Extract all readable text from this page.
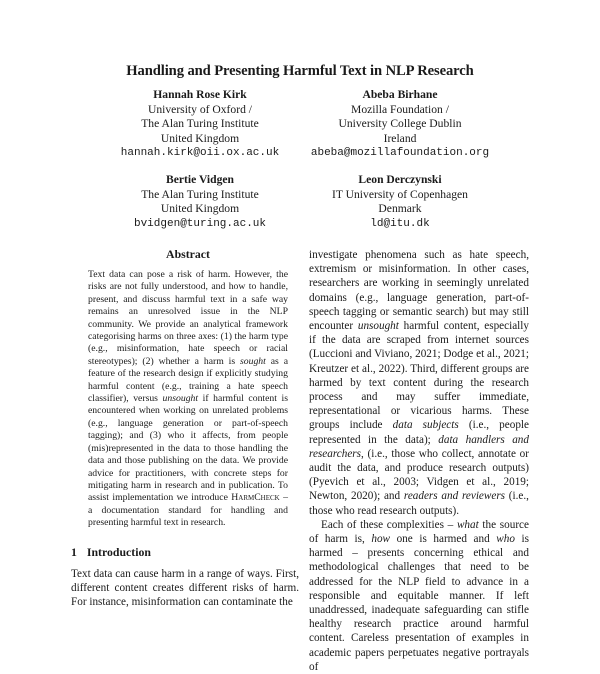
Handling and Presenting Harmful Text in NLP Research
Hannah Rose Kirk
University of Oxford /
The Alan Turing Institute
United Kingdom
hannah.kirk@oii.ox.ac.uk
Abeba Birhane
Mozilla Foundation /
University College Dublin
Ireland
abeba@mozillafoundation.org
Bertie Vidgen
The Alan Turing Institute
United Kingdom
bvidgen@turing.ac.uk
Leon Derczynski
IT University of Copenhagen
Denmark
ld@itu.dk
Abstract
Text data can pose a risk of harm. However, the risks are not fully understood, and how to handle, present, and discuss harmful text in a safe way remains an unresolved issue in the NLP community. We provide an analytical framework categorising harms on three axes: (1) the harm type (e.g., misinformation, hate speech or racial stereotypes); (2) whether a harm is sought as a feature of the research design if explicitly studying harmful content (e.g., training a hate speech classifier), versus unsought if harmful content is encountered when working on unrelated problems (e.g., language generation or part-of-speech tagging); and (3) who it affects, from people (mis)represented in the data to those handling the data and those publishing on the data. We provide advice for practitioners, with concrete steps for mitigating harm in research and in publication. To assist implementation we introduce HarmCheck – a documentation standard for handling and presenting harmful text in research.
1 Introduction
Text data can cause harm in a range of ways. First, different content creates different risks of harm. For instance, misinformation can contaminate the

investigate phenomena such as hate speech, extremism or misinformation. In other cases, researchers are working in seemingly unrelated domains (e.g., language generation, part-of-speech tagging or semantic search) but may still encounter unsought harmful content, especially if the data are scraped from internet sources (Luccioni and Viviano, 2021; Dodge et al., 2021; Kreutzer et al., 2022). Third, different groups are harmed by text content during the research process and may suffer immediate, representational or vicarious harms. These groups include data subjects (i.e., people represented in the data); data handlers and researchers, (i.e., those who collect, annotate or audit the data, and produce research outputs) (Pyevich et al., 2003; Vidgen et al., 2019; Newton, 2020); and readers and reviewers (i.e., those who read research outputs).

Each of these complexities – what the source of harm is, how one is harmed and who is harmed – presents concerning ethical and methodological challenges that need to be addressed for the NLP field to advance in a responsible and equitable manner. If left unaddressed, inadequate safeguarding can stifle healthy research practice around harmful content. Careless presentation of examples in academic papers perpetuates negative portrayals of
